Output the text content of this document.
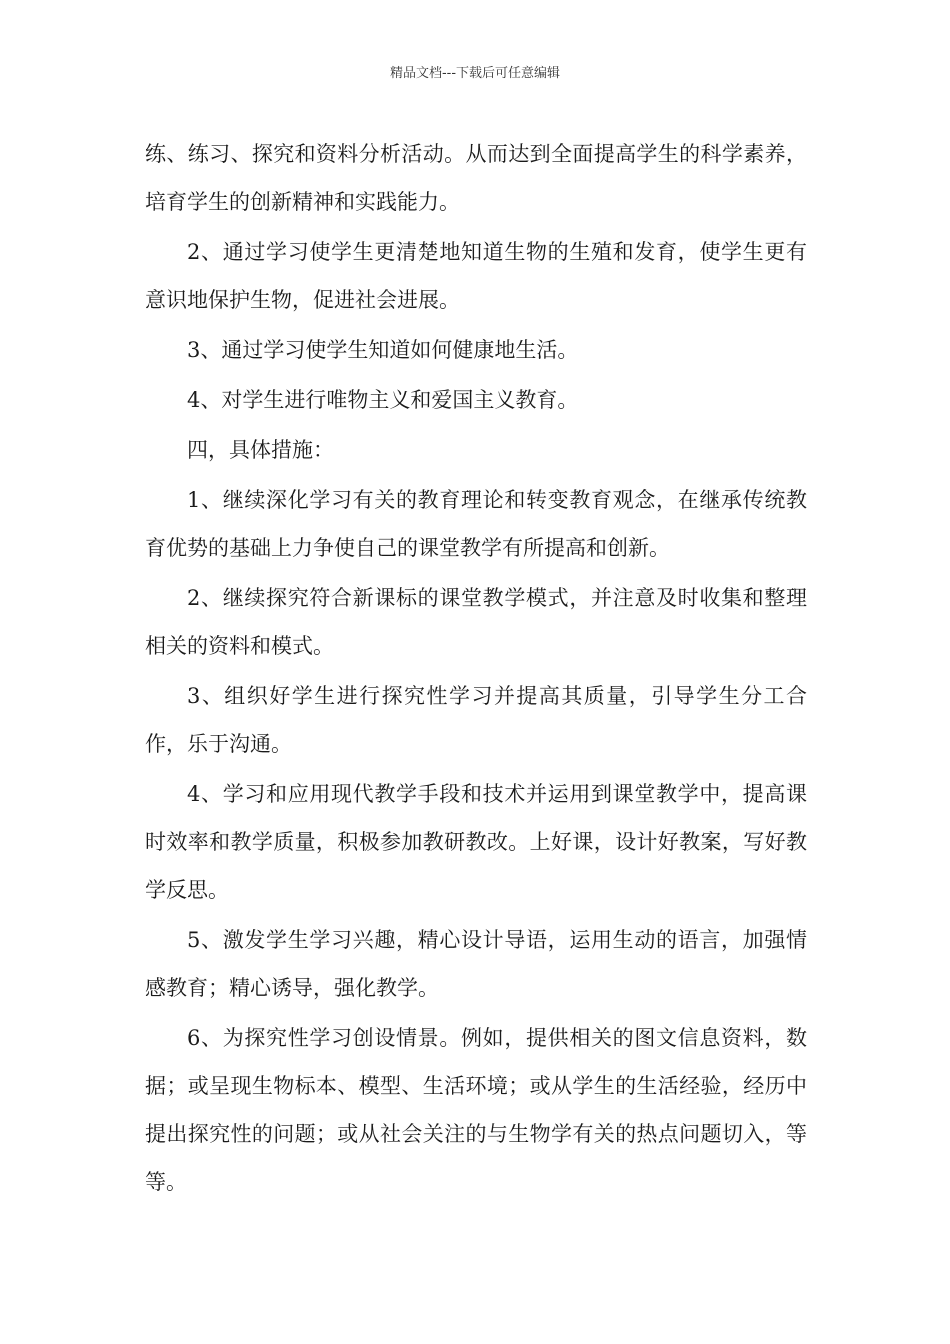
精品文档---下载后可任意编辑

练、练习、探究和资料分析活动。从而达到全面提高学生的科学素养，培育学生的创新精神和实践能力。

2、通过学习使学生更清楚地知道生物的生殖和发育，使学生更有意识地保护生物，促进社会进展。

3、通过学习使学生知道如何健康地生活。

4、对学生进行唯物主义和爱国主义教育。

四，具体措施：

1、继续深化学习有关的教育理论和转变教育观念，在继承传统教育优势的基础上力争使自己的课堂教学有所提高和创新。

2、继续探究符合新课标的课堂教学模式，并注意及时收集和整理相关的资料和模式。

3、组织好学生进行探究性学习并提高其质量，引导学生分工合作，乐于沟通。

4、学习和应用现代教学手段和技术并运用到课堂教学中，提高课时效率和教学质量，积极参加教研教改。上好课，设计好教案，写好教学反思。

5、激发学生学习兴趣，精心设计导语，运用生动的语言，加强情感教育；精心诱导，强化教学。

6、为探究性学习创设情景。例如，提供相关的图文信息资料，数据；或呈现生物标本、模型、生活环境；或从学生的生活经验，经历中提出探究性的问题；或从社会关注的与生物学有关的热点问题切入，等等。
